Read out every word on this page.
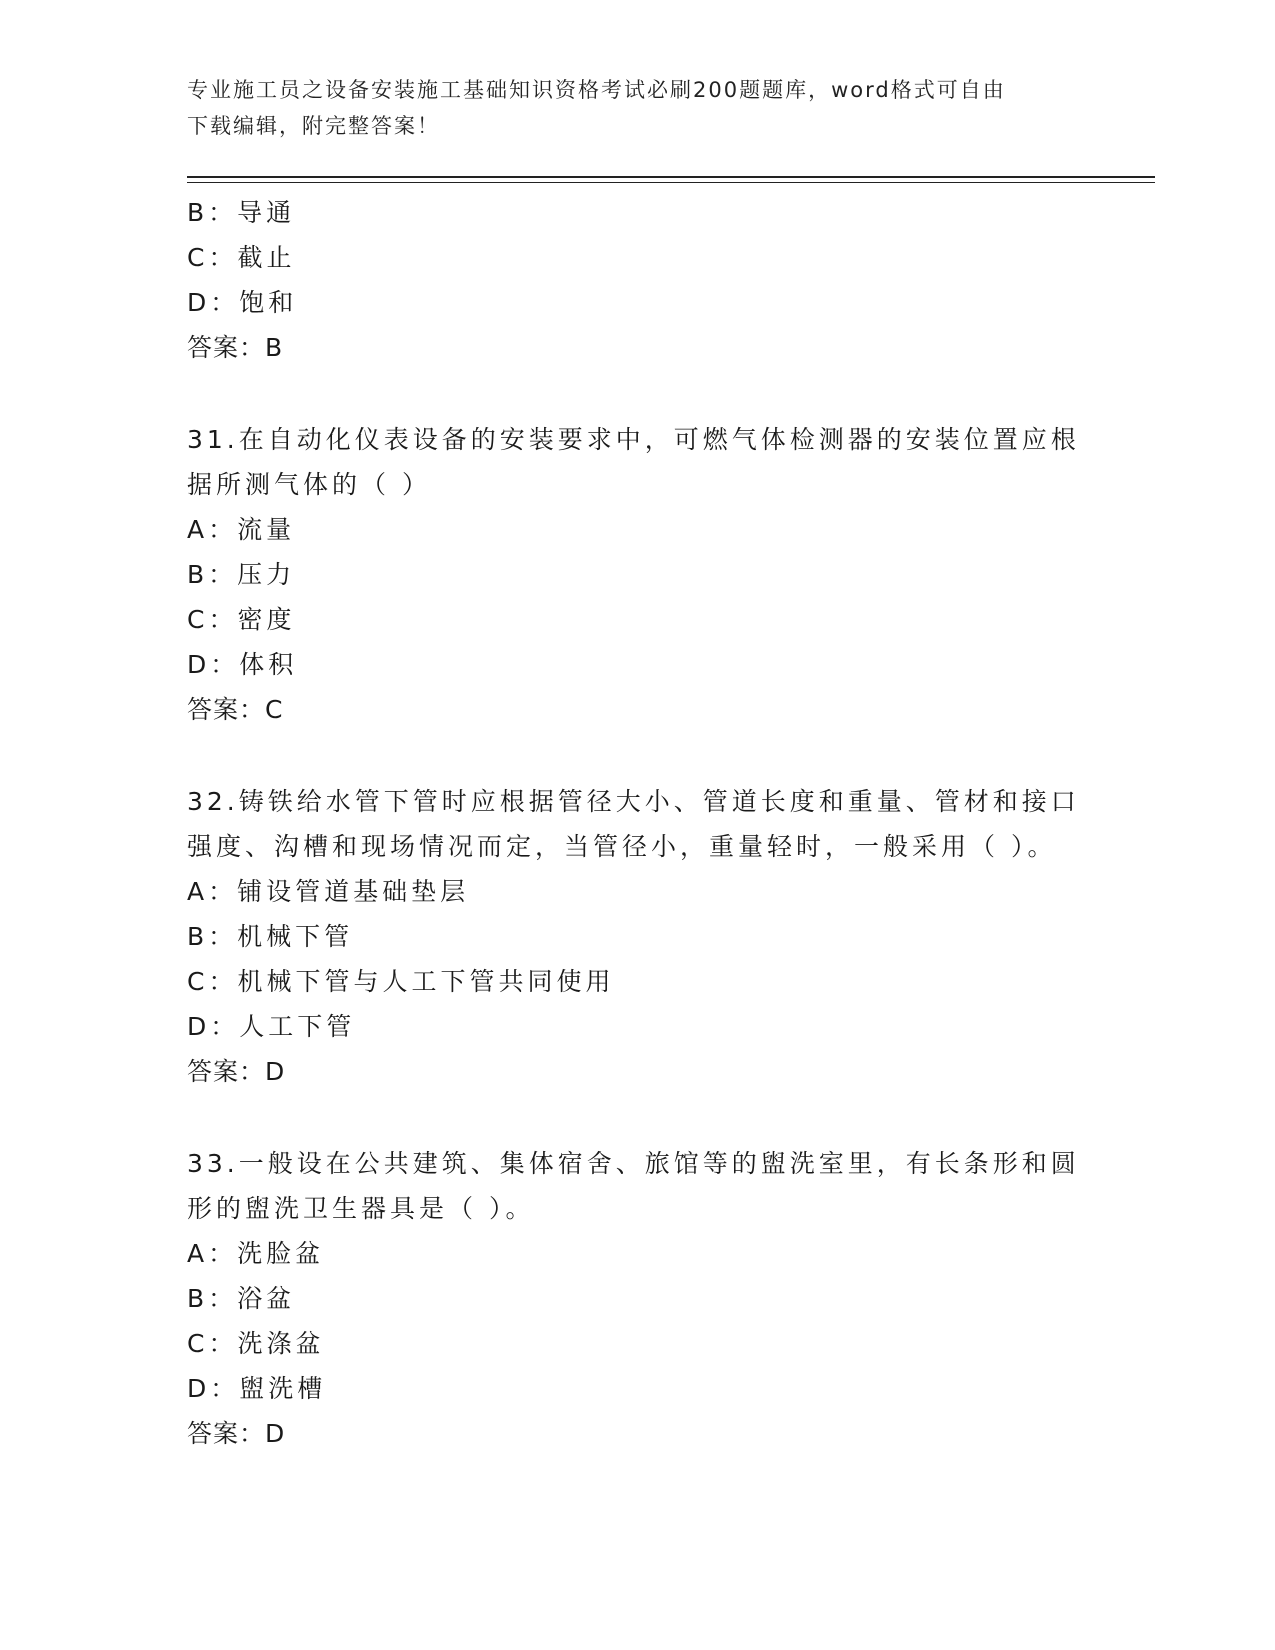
专业施工员之设备安装施工基础知识资格考试必刷200题题库，word格式可自由
下载编辑，附完整答案！
B：导通
C：截止
D：饱和
答案：B
31.在自动化仪表设备的安装要求中，可燃气体检测器的安装位置应根
据所测气体的（ ）
A：流量
B：压力
C：密度
D：体积
答案：C
32.铸铁给水管下管时应根据管径大小、管道长度和重量、管材和接口
强度、沟槽和现场情况而定，当管径小，重量轻时，一般采用（ ）。
A：铺设管道基础垫层
B：机械下管
C：机械下管与人工下管共同使用
D：人工下管
答案：D
33.一般设在公共建筑、集体宿舍、旅馆等的盥洗室里，有长条形和圆
形的盥洗卫生器具是（ ）。
A：洗脸盆
B：浴盆
C：洗涤盆
D：盥洗槽
答案：D
